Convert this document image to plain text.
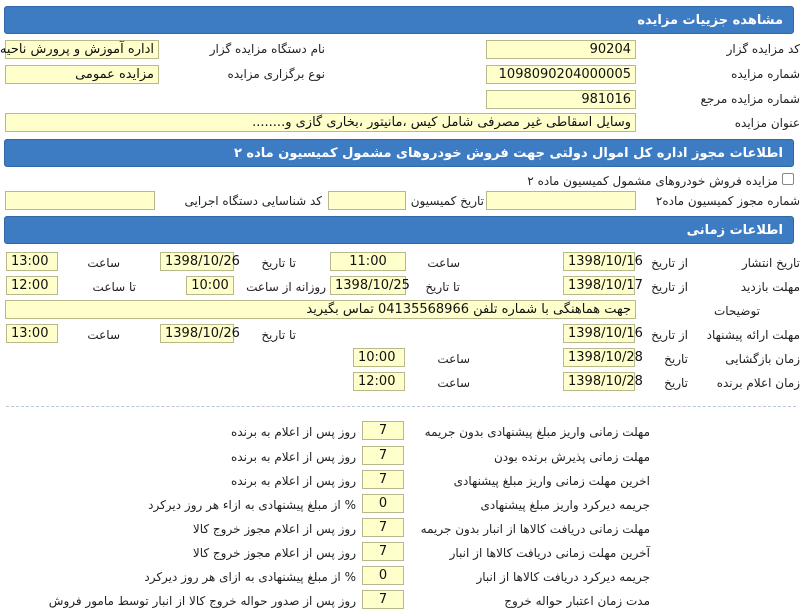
مشاهده جزییات مزایده
کد مزایده گزار
90204
نام دستگاه مزایده گزار
اداره آموزش و پرورش ناحیه
شماره مزایده
1098090204000005
نوع برگزاری مزایده
مزایده عمومی
شماره مزایده مرجع
981016
عنوان مزایده
وسایل اسقاطی غیر مصرفی شامل کیس ،مانیتور ،بخاری گازی و........
اطلاعات مجوز اداره کل اموال دولتی جهت فروش خودروهای مشمول کمیسیون ماده ۲
مزایده فروش خودروهای مشمول کمیسیون ماده ۲
شماره مجوز کمیسیون ماده۲
تاریخ کمیسیون
کد شناسایی دستگاه اجرایی
اطلاعات زمانی
تاریخ انتشار
از تاریخ
1398/10/16
ساعت
11:00
تا تاریخ
1398/10/26
ساعت
13:00
مهلت بازدید
از تاریخ
1398/10/17
تا تاریخ
1398/10/25
روزانه از ساعت
10:00
تا ساعت
12:00
توضیحات
جهت هماهنگی با شماره تلفن 04135568966 تماس بگیرید
مهلت ارائه پیشنهاد
از تاریخ
1398/10/16
تا تاریخ
1398/10/26
ساعت
13:00
زمان بازگشایی
تاریخ
1398/10/28
ساعت
10:00
زمان اعلام برنده
تاریخ
1398/10/28
ساعت
12:00
مهلت زمانی واریز مبلغ پیشنهادی بدون جریمه
7
روز پس از اعلام به برنده
مهلت زمانی پذیرش برنده بودن
7
روز پس از اعلام به برنده
اخرین مهلت زمانی واریز مبلغ پیشنهادی
7
روز پس از اعلام به برنده
جریمه دیرکرد واریز مبلغ پیشنهادی
0
% از مبلغ پیشنهادی به ازاء هر روز دیرکرد
مهلت زمانی دریافت کالاها از انبار بدون جریمه
7
روز پس از اعلام مجوز خروج کالا
آخرین مهلت زمانی دریافت کالاها از انبار
7
روز پس از اعلام مجوز خروج کالا
جریمه دیرکرد دریافت کالاها از انبار
0
% از مبلغ پیشنهادی به ازای هر روز دیرکرد
مدت زمان اعتبار حواله خروج
7
روز پس از صدور حواله خروج کالا از انبار توسط مامور فروش
